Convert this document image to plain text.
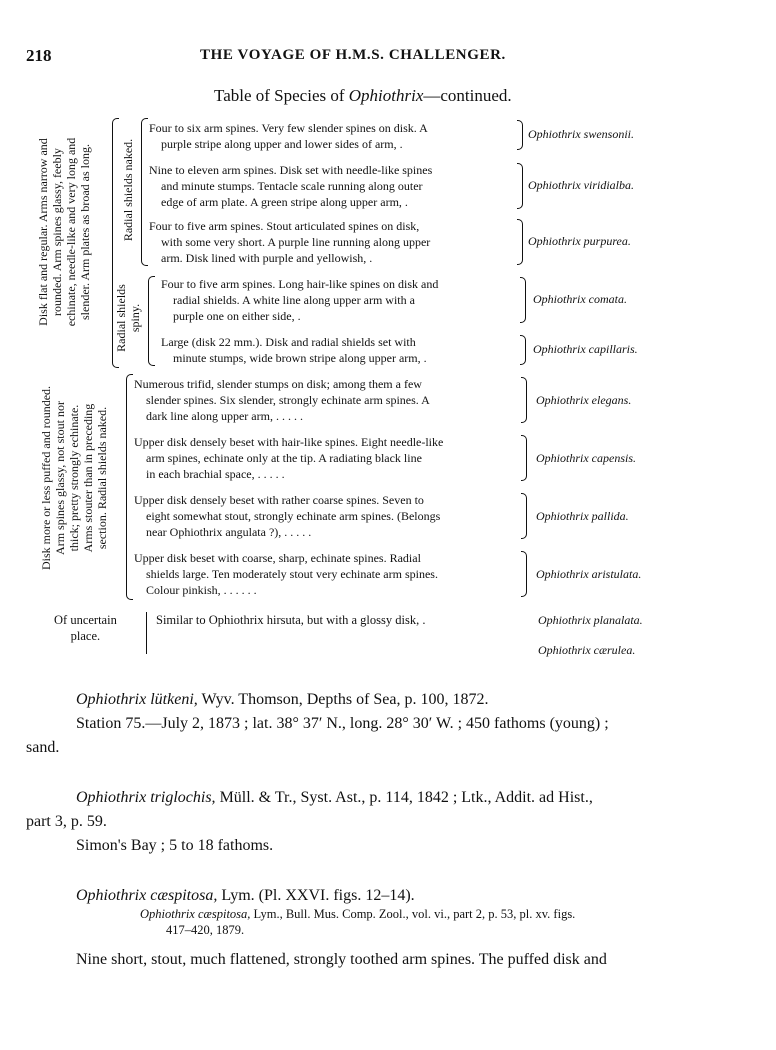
218	THE VOYAGE OF H.M.S. CHALLENGER.
Table of Species of Ophiothrix—continued.
Disk flat and regular. Arms narrow and rounded. Arm spines glassy, feebly echinate, needle-like and very long and slender. Arm plates as broad as long. Radial shields naked.
Radial shields spiny.
Disk more or less puffed and rounded. Arm spines glassy, not stout nor thick; pretty strongly echinate. Arms stouter than in preceding section. Radial shields naked.
Four to six arm spines. Very few slender spines on disk. A
purple stripe along upper and lower sides of arm, .
Ophiothrix swensonii.
Nine to eleven arm spines. Disk set with needle-like spines
and minute stumps. Tentacle scale running along outer
edge of arm plate. A green stripe along upper arm, .
Ophiothrix viridialba.
Four to five arm spines. Stout articulated spines on disk,
with some very short. A purple line running along upper
arm. Disk lined with purple and yellowish, .
Ophiothrix purpurea.
Four to five arm spines. Long hair-like spines on disk and
radial shields. A white line along upper arm with a
purple one on either side, .
Ophiothrix comata.
Large (disk 22 mm.). Disk and radial shields set with
minute stumps, wide brown stripe along upper arm, .
Ophiothrix capillaris.
Numerous trifid, slender stumps on disk; among them a few
slender spines. Six slender, strongly echinate arm spines. A
dark line along upper arm, . . . . .
Ophiothrix elegans.
Upper disk densely beset with hair-like spines. Eight needle-like
arm spines, echinate only at the tip. A radiating black line
in each brachial space, . . . . .
Ophiothrix capensis.
Upper disk densely beset with rather coarse spines. Seven to
eight somewhat stout, strongly echinate arm spines. (Belongs
near Ophiothrix angulata ?), . . . . .
Ophiothrix pallida.
Upper disk beset with coarse, sharp, echinate spines. Radial
shields large. Ten moderately stout very echinate arm spines.
Colour pinkish, . . . . . .
Ophiothrix aristulata.
Of uncertain
place.
Similar to Ophiothrix hirsuta, but with a glossy disk, .	Ophiothrix planalata.
Ophiothrix cærulea.
Ophiothrix lütkeni, Wyv. Thomson, Depths of Sea, p. 100, 1872.
Station 75.—July 2, 1873 ; lat. 38° 37′ N., long. 28° 30′ W. ; 450 fathoms (young) ;
sand.
Ophiothrix triglochis, Müll. & Tr., Syst. Ast., p. 114, 1842 ; Ltk., Addit. ad Hist.,
part 3, p. 59.
Simon's Bay ; 5 to 18 fathoms.
Ophiothrix cæspitosa, Lym. (Pl. XXVI. figs. 12–14).
Ophiothrix cæspitosa, Lym., Bull. Mus. Comp. Zool., vol. vi., part 2, p. 53, pl. xv. figs.
417–420, 1879.
Nine short, stout, much flattened, strongly toothed arm spines. The puffed disk and
